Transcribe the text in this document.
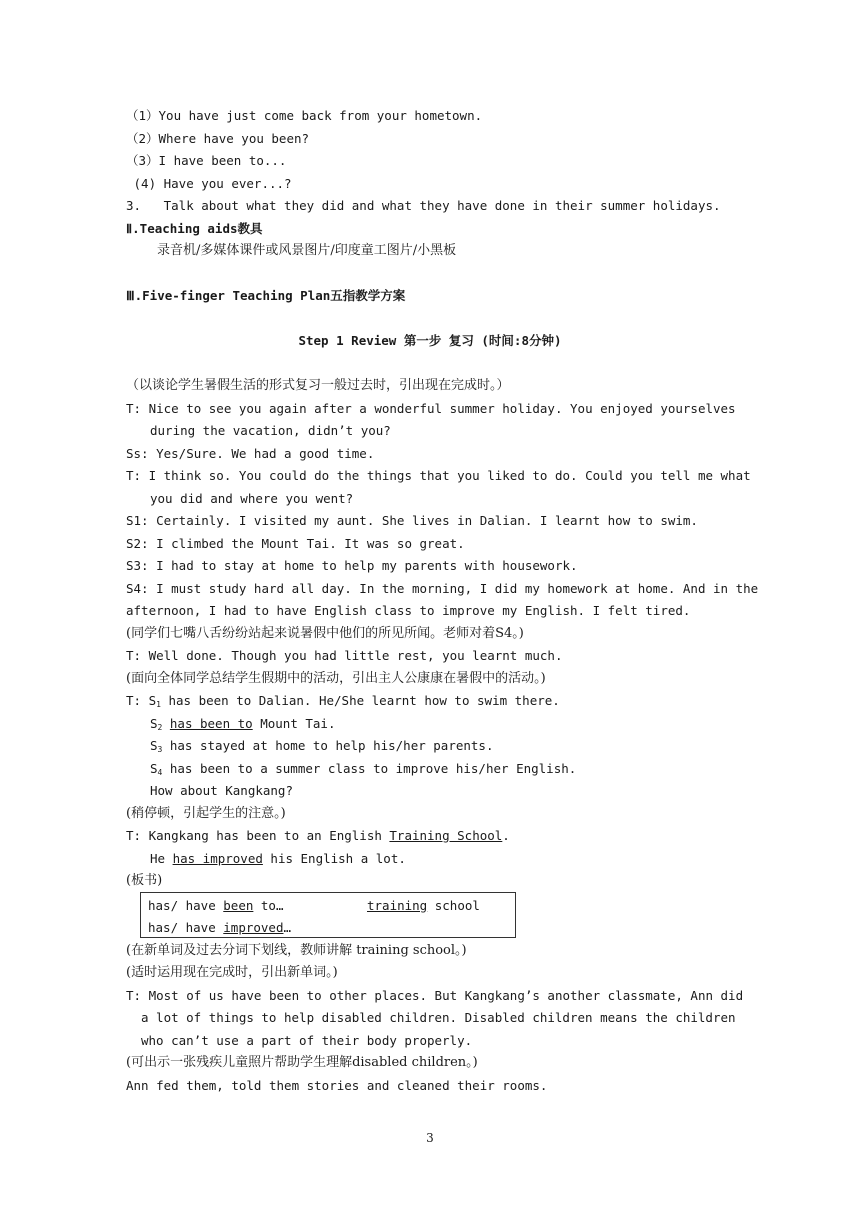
（1）You have just come back from your hometown.
（2）Where have you been?
（3）I have been to...
(4) Have you ever...?
3.   Talk about what they did and what they have done in their summer holidays.
Ⅱ.Teaching aids教具
录音机/多媒体课件或风景图片/印度童工图片/小黑板
Ⅲ.Five-finger Teaching Plan五指教学方案
Step 1 Review 第一步 复习 (时间:8分钟)
（以谈论学生暑假生活的形式复习一般过去时，引出现在完成时。）
T: Nice to see you again after a wonderful summer holiday. You enjoyed yourselves
during the vacation, didn’t you?
Ss: Yes/Sure. We had a good time.
T: I think so. You could do the things that you liked to do. Could you tell me what
you did and where you went?
S1: Certainly. I visited my aunt. She lives in Dalian. I learnt how to swim.
S2: I climbed the Mount Tai. It was so great.
S3: I had to stay at home to help my parents with housework.
S4: I must study hard all day. In the morning, I did my homework at home. And in the
afternoon, I had to have English class to improve my English. I felt tired.
(同学们七嘴八舌纷纷站起来说暑假中他们的所见所闻。老师对着S4。)
T: Well done. Though you had little rest, you learnt much.
(面向全体同学总结学生假期中的活动，引出主人公康康在暑假中的活动。)
T: $S_1$ has been to Dalian. He/She learnt how to swim there.
$S_2$ has been to Mount Tai.
$S_3$ has stayed at home to help his/her parents.
$S_4$ has been to a summer class to improve his/her English.
How about Kangkang?
(稍停顿，引起学生的注意。)
T: Kangkang has been to an English Training School.
He has improved his English a lot.
(板书)
has/ have been to…	training school
has/ have improved…
(在新单词及过去分词下划线，教师讲解 training school。)
(适时运用现在完成时，引出新单词。)
T: Most of us have been to other places. But Kangkang’s another classmate, Ann did
a lot of things to help disabled children. Disabled children means the children
who can’t use a part of their body properly.
(可出示一张残疾儿童照片帮助学生理解disabled children。)
Ann fed them, told them stories and cleaned their rooms.
3
